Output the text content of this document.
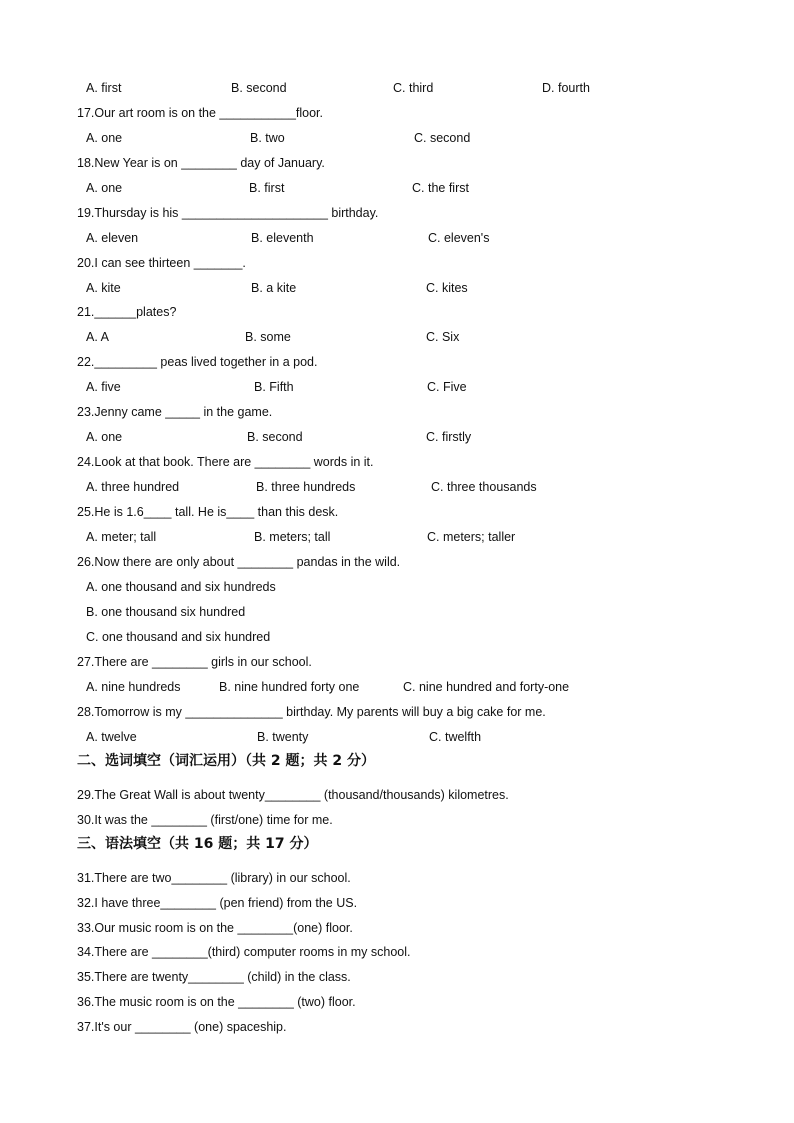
A. first	B. second	C. third	D. fourth
17.Our art room is on the ___________floor.
A. one	B. two	C. second
18.New Year is on ________ day of January.
A. one	B. first	C. the first
19.Thursday is his _____________________ birthday.
A. eleven	B. eleventh	C. eleven's
20.I can see thirteen _______.
A. kite	B. a kite	C. kites
21.______plates?
A. A	B. some	C. Six
22._________ peas lived together in a pod.
A. five	B. Fifth	C. Five
23.Jenny came _____ in the game.
A. one	B. second	C. firstly
24.Look at that book. There are ________ words in it.
A. three hundred	B. three hundreds	C. three thousands
25.He is 1.6____ tall. He is____ than this desk.
A. meter; tall	B. meters; tall	C. meters; taller
26.Now there are only about ________ pandas in the wild.
A. one thousand and six hundreds
B. one thousand six hundred
C. one thousand and six hundred
27.There are ________ girls in our school.
A. nine hundreds	B. nine hundred forty one	C. nine hundred and forty-one
28.Tomorrow is my ______________ birthday. My parents will buy a big cake for me.
A. twelve	B. twenty	C. twelfth
二、选词填空（词汇运用）（共 2 题；共 2 分）
29.The Great Wall is about twenty________ (thousand/thousands) kilometres.
30.It was the ________ (first/one) time for me.
三、语法填空（共 16 题；共 17 分）
31.There are two________ (library) in our school.
32.I have three________ (pen friend) from the US.
33.Our music room is on the ________(one) floor.
34.There are ________(third) computer rooms in my school.
35.There are twenty________ (child) in the class.
36.The music room is on the ________ (two) floor.
37.It's our ________ (one) spaceship.
